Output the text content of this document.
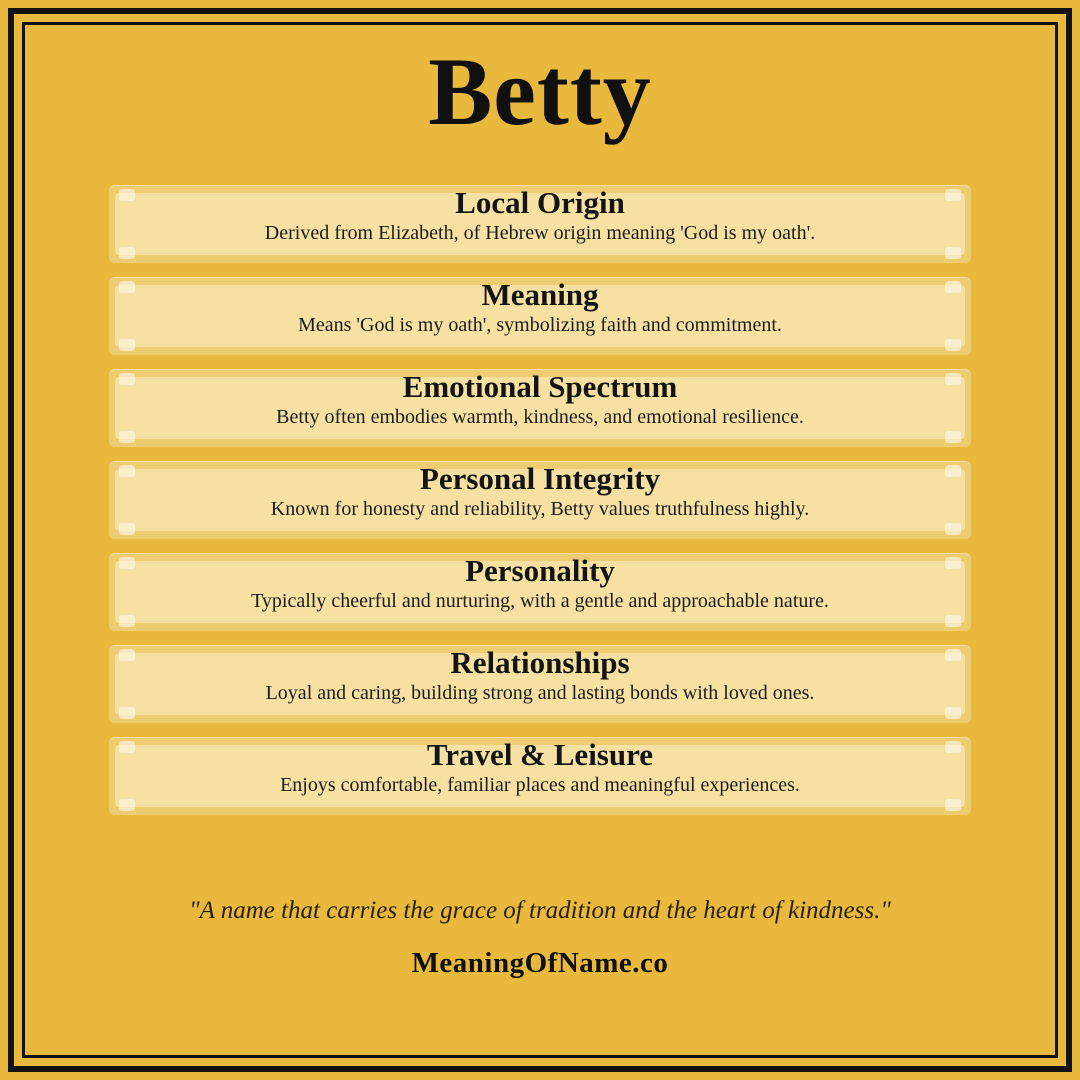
Betty
Local Origin
Derived from Elizabeth, of Hebrew origin meaning 'God is my oath'.
Meaning
Means 'God is my oath', symbolizing faith and commitment.
Emotional Spectrum
Betty often embodies warmth, kindness, and emotional resilience.
Personal Integrity
Known for honesty and reliability, Betty values truthfulness highly.
Personality
Typically cheerful and nurturing, with a gentle and approachable nature.
Relationships
Loyal and caring, building strong and lasting bonds with loved ones.
Travel & Leisure
Enjoys comfortable, familiar places and meaningful experiences.
"A name that carries the grace of tradition and the heart of kindness."
MeaningOfName.co
